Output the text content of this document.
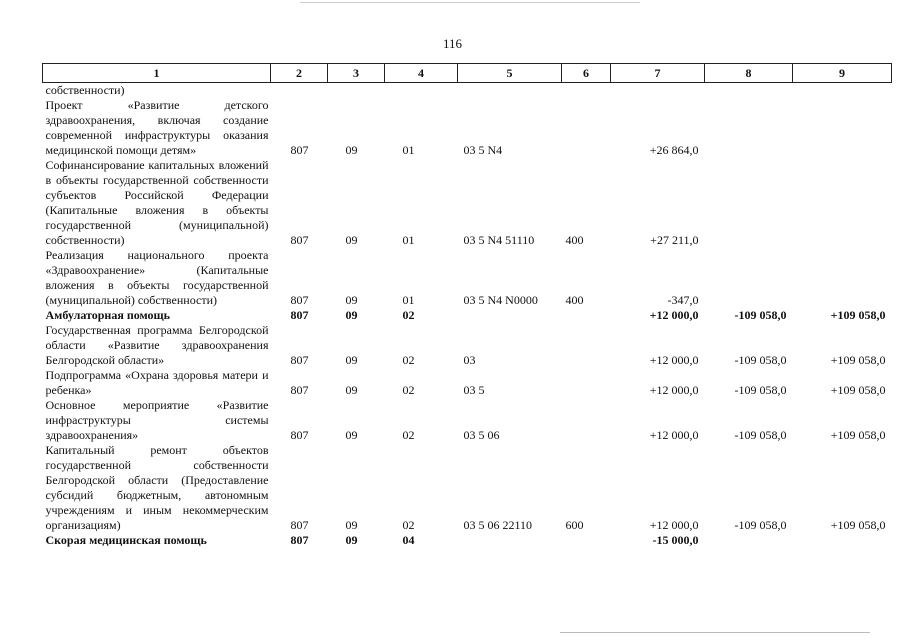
116
1	2	3	4	5	6	7	8	9
собственности)								
Проект «Развитие детского здравоохранения, включая создание современной инфраструктуры оказания медицинской помощи детям»	807	09	01	03 5 N4		+26 864,0		
Софинансирование капитальных вложений в объекты государственной собственности субъектов Российской Федерации (Капитальные вложения в объекты государственной (муниципальной) собственности)	807	09	01	03 5 N4 51110	400	+27 211,0		
Реализация национального проекта «Здравоохранение» (Капитальные вложения в объекты государственной (муниципальной) собственности)	807	09	01	03 5 N4 N0000	400	-347,0		
Амбулаторная помощь	807	09	02			+12 000,0	-109 058,0	+109 058,0
Государственная программа Белгородской области «Развитие здравоохранения Белгородской области»	807	09	02	03		+12 000,0	-109 058,0	+109 058,0
Подпрограмма «Охрана здоровья матери и ребенка»	807	09	02	03 5		+12 000,0	-109 058,0	+109 058,0
Основное мероприятие «Развитие инфраструктуры системы здравоохранения»	807	09	02	03 5 06		+12 000,0	-109 058,0	+109 058,0
Капитальный ремонт объектов государственной собственности Белгородской области (Предоставление субсидий бюджетным, автономным учреждениям и иным некоммерческим организациям)	807	09	02	03 5 06 22110	600	+12 000,0	-109 058,0	+109 058,0
Скорая медицинская помощь	807	09	04			-15 000,0		
